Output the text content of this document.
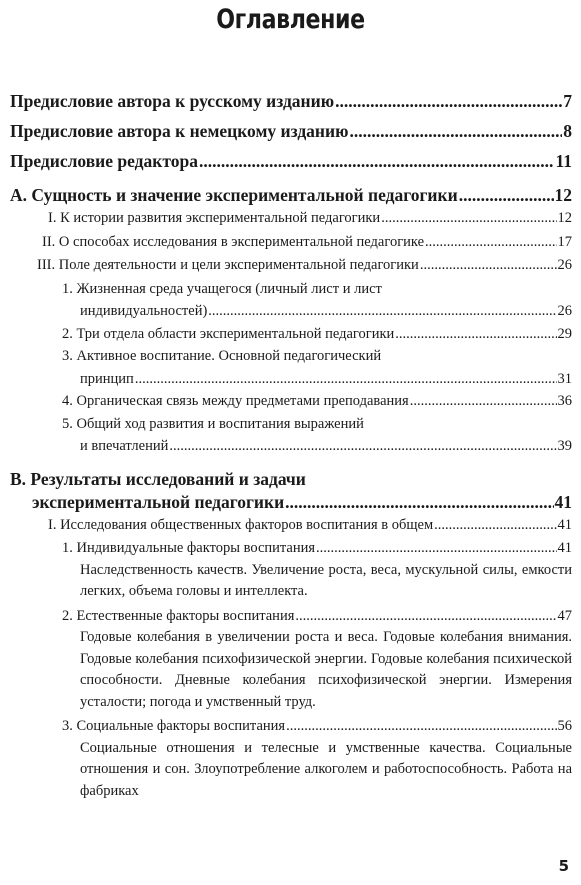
Оглавление
Предисловие автора к русскому изданию .....	7
Предисловие автора к немецкому изданию .....	8
Предисловие редактора .....	11
A. Сущность и значение экспериментальной педагогики .....	12
I. К истории развития экспериментальной педагогики .....	12
II. О способах исследования в экспериментальной педагогике .....	17
III. Поле деятельности и цели экспериментальной педагогики .....	26
1. Жизненная среда учащегося (личный лист и лист
индивидуальностей) .....	26
2. Три отдела области экспериментальной педагогики .....	29
3. Активное воспитание. Основной педагогический
принцип .....	31
4. Органическая связь между предметами преподавания .....	36
5. Общий ход развития и воспитания выражений
и впечатлений .....	39
B. Результаты исследований и задачи
экспериментальной педагогики .....	41
I. Исследования общественных факторов воспитания в общем .....	41
1. Индивидуальные факторы воспитания .....	41
Наследственность качеств. Увеличение роста, веса, мускульной силы, емкости легких, объема головы и интеллекта.
2. Естественные факторы воспитания .....	47
Годовые колебания в увеличении роста и веса. Годовые колебания внимания. Годовые колебания психофизической энергии. Годовые колебания психической способности. Дневные колебания психофизической энергии. Измерения усталости; погода и умственный труд.
3. Социальные факторы воспитания .....	56
Социальные отношения и телесные и умственные качества. Социальные отношения и сон. Злоупотребление алкоголем и работоспособность. Работа на фабриках
5
